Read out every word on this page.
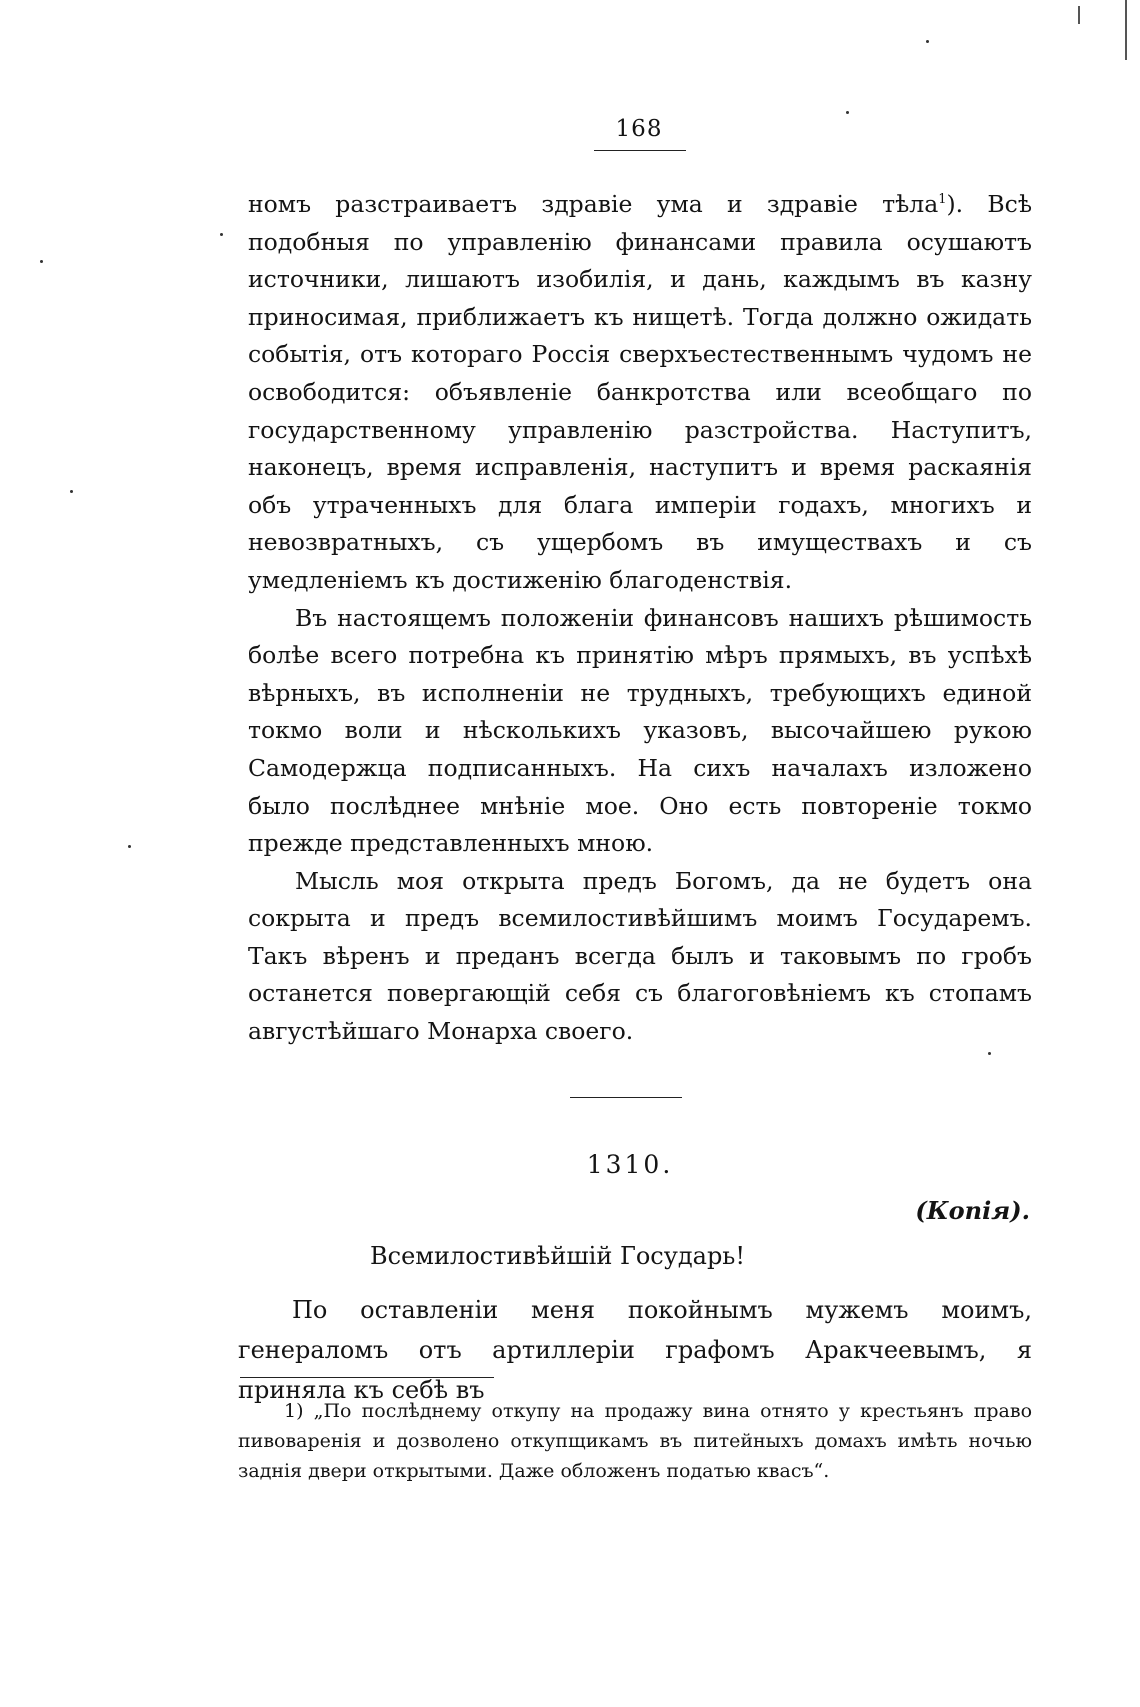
168

номъ разстраиваетъ здравіе ума и здравіе тѣла$^1$). Всѣ подобныя по управленію финансами правила осушаютъ источники, лишаютъ изобилія, и дань, каждымъ въ казну приносимая, приближаетъ къ нищетѣ. Тогда должно ожидать событія, отъ котораго Россія сверхъестественнымъ чудомъ не освободится: объявленіе банкротства или всеобщаго по государственному управленію разстройства. Наступитъ, наконецъ, время исправленія, наступитъ и время раскаянія объ утраченныхъ для блага имперіи годахъ, многихъ и невозвратныхъ, съ ущербомъ въ имуществахъ и съ умедленіемъ къ достиженію благоденствія.

Въ настоящемъ положеніи финансовъ нашихъ рѣшимость болѣе всего потребна къ принятію мѣръ прямыхъ, въ успѣхѣ вѣрныхъ, въ исполненіи не трудныхъ, требующихъ единой токмо воли и нѣсколькихъ указовъ, высочайшею рукою Самодержца подписанныхъ. На сихъ началахъ изложено было послѣднее мнѣніе мое. Оно есть повтореніе токмо прежде представленныхъ мною.

Мысль моя открыта предъ Богомъ, да не будетъ она сокрыта и предъ всемилостивѣйшимъ моимъ Государемъ. Такъ вѣренъ и преданъ всегда былъ и таковымъ по гробъ останется повергающій себя съ благоговѣніемъ къ стопамъ августѣйшаго Монарха своего.

1310.
(Копія).
Всемилостивѣйшій Государь!

По оставленіи меня покойнымъ мужемъ моимъ, генераломъ отъ артиллеріи графомъ Аракчеевымъ, я приняла къ себѣ въ

1) „По послѣднему откупу на продажу вина отнято у крестьянъ право пивоваренія и дозволено откупщикамъ въ питейныхъ домахъ имѣть ночью заднія двери открытыми. Даже обложенъ податью квасъ“.
